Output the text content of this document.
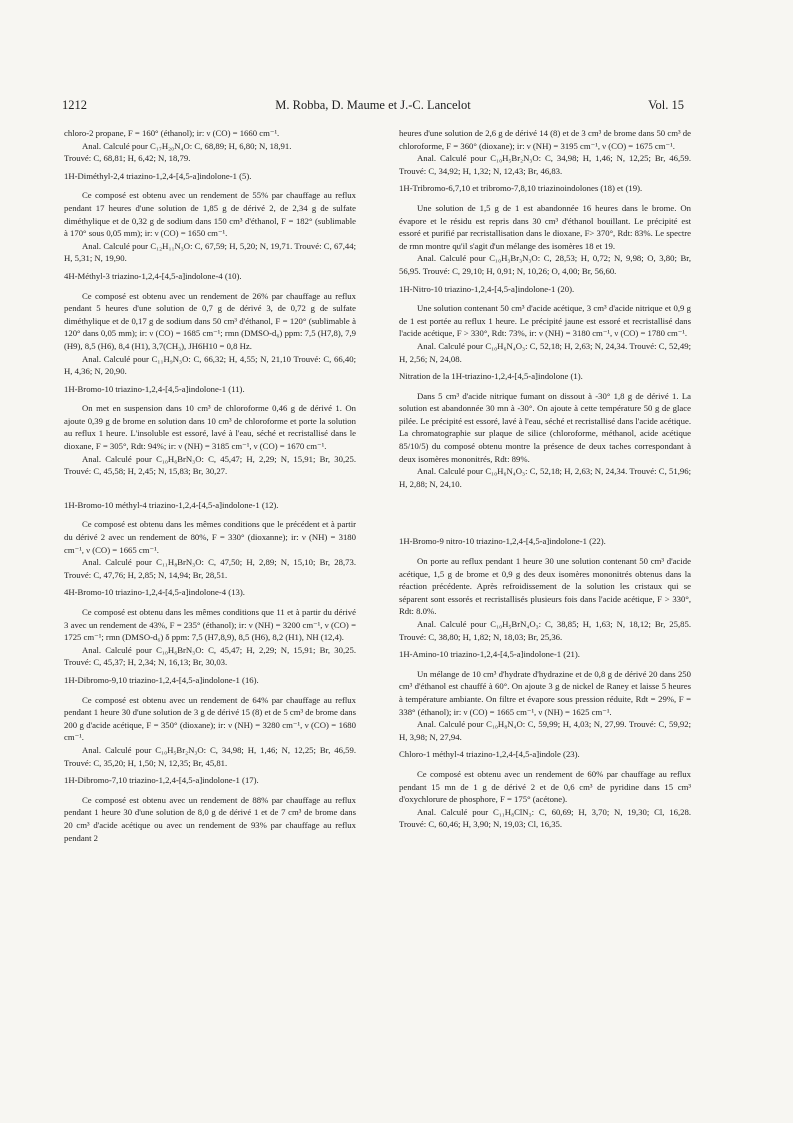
1212	M. Robba, D. Maume et J.-C. Lancelot	Vol. 15

chloro-2 propane, F = 160° (éthanol); ir: ν (CO) = 1660 cm⁻¹.

Anal. Calculé pour C₁₇H₂₀N₄O: C, 68,89; H, 6,80; N, 18,91.

Trouvé: C, 68,81; H, 6,42; N, 18,79.

1H-Diméthyl-2,4 triazino-1,2,4-[4,5-a]indolone-1 (5).

Ce composé est obtenu avec un rendement de 55% par chauffage au reflux pendant 17 heures d'une solution de 1,85 g de dérivé 2, de 2,34 g de sulfate diméthylique et de 0,32 g de sodium dans 150 cm³ d'éthanol, F = 182° (sublimable à 170° sous 0,05 mm); ir: ν (CO) = 1650 cm⁻¹.

Anal. Calculé pour C₁₂H₁₁N₃O: C, 67,59; H, 5,20; N, 19,71. Trouvé: C, 67,44; H, 5,31; N, 19,90.

4H-Méthyl-3 triazino-1,2,4-[4,5-a]indolone-4 (10).

Ce composé est obtenu avec un rendement de 26% par chauffage au reflux pendant 5 heures d'une solution de 0,7 g de dérivé 3, de 0,72 g de sulfate diméthylique et de 0,17 g de sodium dans 50 cm³ d'éthanol, F = 120° (sublimable à 120° dans 0,05 mm); ir: ν (CO) = 1685 cm⁻¹; rmn (DMSO-d₆) ppm: 7,5 (H7,8), 7,9 (H9), 8,5 (H6), 8,4 (H1), 3,7(CH₃), JH6H10 = 0,8 Hz.

Anal. Calculé pour C₁₁H₉N₃O: C, 66,32; H, 4,55; N, 21,10 Trouvé: C, 66,40; H, 4,36; N, 20,90.

1H-Bromo-10 triazino-1,2,4-[4,5-a]indolone-1 (11).

On met en suspension dans 10 cm³ de chloroforme 0,46 g de dérivé 1. On ajoute 0,39 g de brome en solution dans 10 cm³ de chloroforme et porte la solution au reflux 1 heure. L'insoluble est essoré, lavé à l'eau, séché et recristallisé dans le dioxane, F = 305°, Rdt: 94%; ir: ν (NH) = 3185 cm⁻¹, ν (CO) = 1670 cm⁻¹.

Anal. Calculé pour C₁₀H₆BrN₃O: C, 45,47; H, 2,29; N, 15,91; Br, 30,25. Trouvé: C, 45,58; H, 2,45; N, 15,83; Br, 30,27.

1H-Bromo-10 méthyl-4 triazino-1,2,4-[4,5-a]indolone-1 (12).

Ce composé est obtenu dans les mêmes conditions que le précédent et à partir du dérivé 2 avec un rendement de 80%, F = 330° (dioxanne); ir: ν (NH) = 3180 cm⁻¹, ν (CO) = 1665 cm⁻¹.

Anal. Calculé pour C₁₁H₈BrN₃O: C, 47,50; H, 2,89; N, 15,10; Br, 28,73. Trouvé: C, 47,76; H, 2,85; N, 14,94; Br, 28,51.

4H-Bromo-10 triazino-1,2,4-[4,5-a]indolone-4 (13).

Ce composé est obtenu dans les mêmes conditions que 11 et à partir du dérivé 3 avec un rendement de 43%, F = 235° (éthanol); ir: ν (NH) = 3200 cm⁻¹, ν (CO) = 1725 cm⁻¹; rmn (DMSO-d₆) δ ppm: 7,5 (H7,8,9), 8,5 (H6), 8,2 (H1), NH (12,4).

Anal. Calculé pour C₁₀H₆BrN₃O: C, 45,47; H, 2,29; N, 15,91; Br, 30,25. Trouvé: C, 45,37; H, 2,34; N, 16,13; Br, 30,03.

1H-Dibromo-9,10 triazino-1,2,4-[4,5-a]indolone-1 (16).

Ce composé est obtenu avec un rendement de 64% par chauffage au reflux pendant 1 heure 30 d'une solution de 3 g de dérivé 15 (8) et de 5 cm³ de brome dans 200 g d'acide acétique, F = 350° (dioxane); ir: ν (NH) = 3280 cm⁻¹, ν (CO) = 1680 cm⁻¹.

Anal. Calculé pour C₁₀H₅Br₂N₃O: C, 34,98; H, 1,46; N, 12,25; Br, 46,59. Trouvé: C, 35,20; H, 1,50; N, 12,35; Br, 45,81.

1H-Dibromo-7,10 triazino-1,2,4-[4,5-a]indolone-1 (17).

Ce composé est obtenu avec un rendement de 88% par chauffage au reflux pendant 1 heure 30 d'une solution de 8,0 g de dérivé 1 et de 7 cm³ de brome dans 20 cm³ d'acide acétique ou avec un rendement de 93% par chauffage au reflux pendant 2

heures d'une solution de 2,6 g de dérivé 14 (8) et de 3 cm³ de brome dans 50 cm³ de chloroforme, F = 360° (dioxane); ir: ν (NH) = 3195 cm⁻¹, ν (CO) = 1675 cm⁻¹.

Anal. Calculé pour C₁₀H₅Br₂N₃O: C, 34,98; H, 1,46; N, 12,25; Br, 46,59. Trouvé: C, 34,92; H, 1,32; N, 12,43; Br, 46,83.

1H-Tribromo-6,7,10 et tribromo-7,8,10 triazinoindolones (18) et (19).

Une solution de 1,5 g de 1 est abandonnée 16 heures dans le brome. On évapore et le résidu est repris dans 30 cm³ d'éthanol bouillant. Le précipité est essoré et purifié par recristallisation dans le dioxane, F> 370°, Rdt: 83%. Le spectre de rmn montre qu'il s'agit d'un mélange des isomères 18 et 19.

Anal. Calculé pour C₁₀H₃Br₃N₃O: C, 28,53; H, 0,72; N, 9,98; O, 3,80; Br, 56,95. Trouvé: C, 29,10; H, 0,91; N, 10,26; O, 4,00; Br, 56,60.

1H-Nitro-10 triazino-1,2,4-[4,5-a]indolone-1 (20).

Une solution contenant 50 cm³ d'acide acétique, 3 cm³ d'acide nitrique et 0,9 g de 1 est portée au reflux 1 heure. Le précipité jaune est essoré et recristallisé dans l'acide acétique, F > 330°, Rdt: 73%, ir: ν (NH) = 3180 cm⁻¹, ν (CO) = 1780 cm⁻¹.

Anal. Calculé pour C₁₀H₆N₄O₃: C, 52,18; H, 2,63; N, 24,34. Trouvé: C, 52,49; H, 2,56; N, 24,08.

Nitration de la 1H-triazino-1,2,4-[4,5-a]indolone (1).

Dans 5 cm³ d'acide nitrique fumant on dissout à -30° 1,8 g de dérivé 1. La solution est abandonnée 30 mn à -30°. On ajoute à cette température 50 g de glace pilée. Le précipité est essoré, lavé à l'eau, séché et recristallisé dans l'acide acétique. La chromatographie sur plaque de silice (chloroforme, méthanol, acide acétique 85/10/5) du composé obtenu montre la présence de deux taches correspondant à deux isomères mononitrés, Rdt: 89%.

Anal. Calculé pour C₁₀H₆N₄O₃: C, 52,18; H, 2,63; N, 24,34. Trouvé: C, 51,96; H, 2,88; N, 24,10.

1H-Bromo-9 nitro-10 triazino-1,2,4-[4,5-a]indolone-1 (22).

On porte au reflux pendant 1 heure 30 une solution contenant 50 cm³ d'acide acétique, 1,5 g de brome et 0,9 g des deux isomères mononitrés obtenus dans la réaction précédente. Après refroidissement de la solution les cristaux qui se séparent sont essorés et recristallisés plusieurs fois dans l'acide acétique, F > 330°, Rdt: 8.0%.

Anal. Calculé pour C₁₀H₅BrN₄O₃: C, 38,85; H, 1,63; N, 18,12; Br, 25,85. Trouvé: C, 38,80; H, 1,82; N, 18,03; Br, 25,36.

1H-Amino-10 triazino-1,2,4-[4,5-a]indolone-1 (21).

Un mélange de 10 cm³ d'hydrate d'hydrazine et de 0,8 g de dérivé 20 dans 250 cm³ d'éthanol est chauffé à 60°. On ajoute 3 g de nickel de Raney et laisse 5 heures à température ambiante. On filtre et évapore sous pression réduite, Rdt = 29%, F = 338° (éthanol); ir: ν (CO) = 1665 cm⁻¹, ν (NH) = 1625 cm⁻¹.

Anal. Calculé pour C₁₀H₈N₄O: C, 59,99; H, 4,03; N, 27,99. Trouvé: C, 59,92; H, 3,98; N, 27,94.

Chloro-1 méthyl-4 triazino-1,2,4-[4,5-a]indole (23).

Ce composé est obtenu avec un rendement de 60% par chauffage au reflux pendant 15 mn de 1 g de dérivé 2 et de 0,6 cm³ de pyridine dans 15 cm³ d'oxychlorure de phosphore, F = 175° (acétone).

Anal. Calculé pour C₁₁H₈ClN₃: C, 60,69; H, 3,70; N, 19,30; Cl, 16,28. Trouvé: C, 60,46; H, 3,90; N, 19,03; Cl, 16,35.
